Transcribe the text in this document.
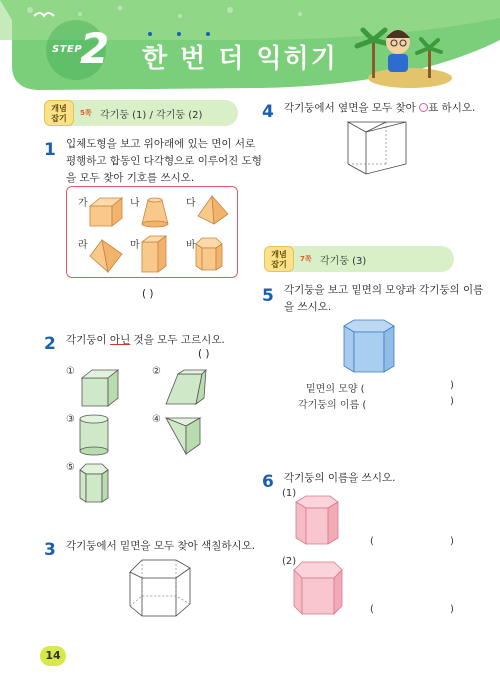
STEP
2 한 번 더 익히기
개념
잡기
5쪽 각기둥 (1) / 각기둥 (2)
1 입체도형을 보고 위아래에 있는 면이 서로
평행하고 합동인 다각형으로 이루어진 도형
을 모두 찾아 기호를 쓰시오.
가	나	다
라	마	바
( )
2 각기둥이 아닌 것을 모두 고르시오.
( )
①	②
③	④
⑤
3 각기둥에서 밑면을 모두 찾아 색칠하시오.
4 각기둥에서 옆면을 모두 찾아 ○표 하시오.
개념
잡기
7쪽 각기둥 (3)
5 각기둥을 보고 밑면의 모양과 각기둥의 이름
을 쓰시오.
밑면의 모양 (	)
각기둥의 이름 (	)
6 각기둥의 이름을 쓰시오.
(1)
(	)
(2)
(	)
14
